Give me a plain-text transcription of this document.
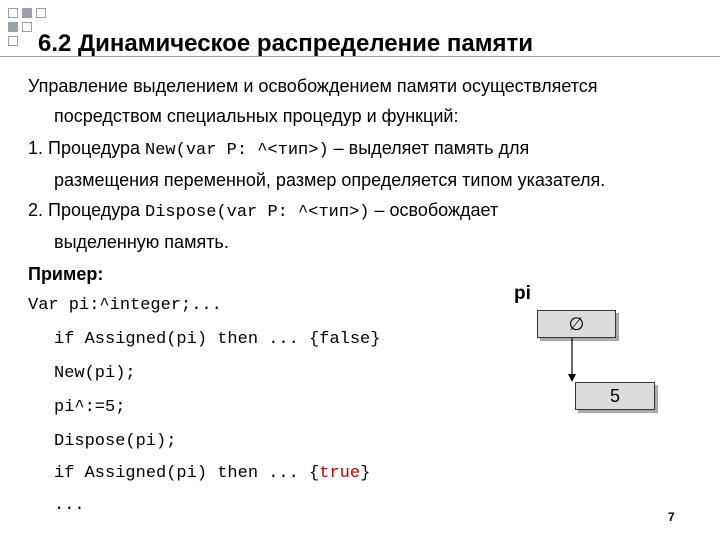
6.2 Динамическое распределение памяти
Управление выделением и освобождением памяти осуществляется
посредством специальных процедур и функций:
1. Процедура New(var P: ^<тип>) – выделяет память для
размещения переменной, размер определяется типом указателя.
2. Процедура Dispose(var P: ^<тип>) – освобождает
выделенную память.
Пример:
Var pi:^integer;...
if Assigned(pi) then ... {false}
New(pi);
pi^:=5;
Dispose(pi);
if Assigned(pi) then ... {true}
...
pi
∅
5
7
